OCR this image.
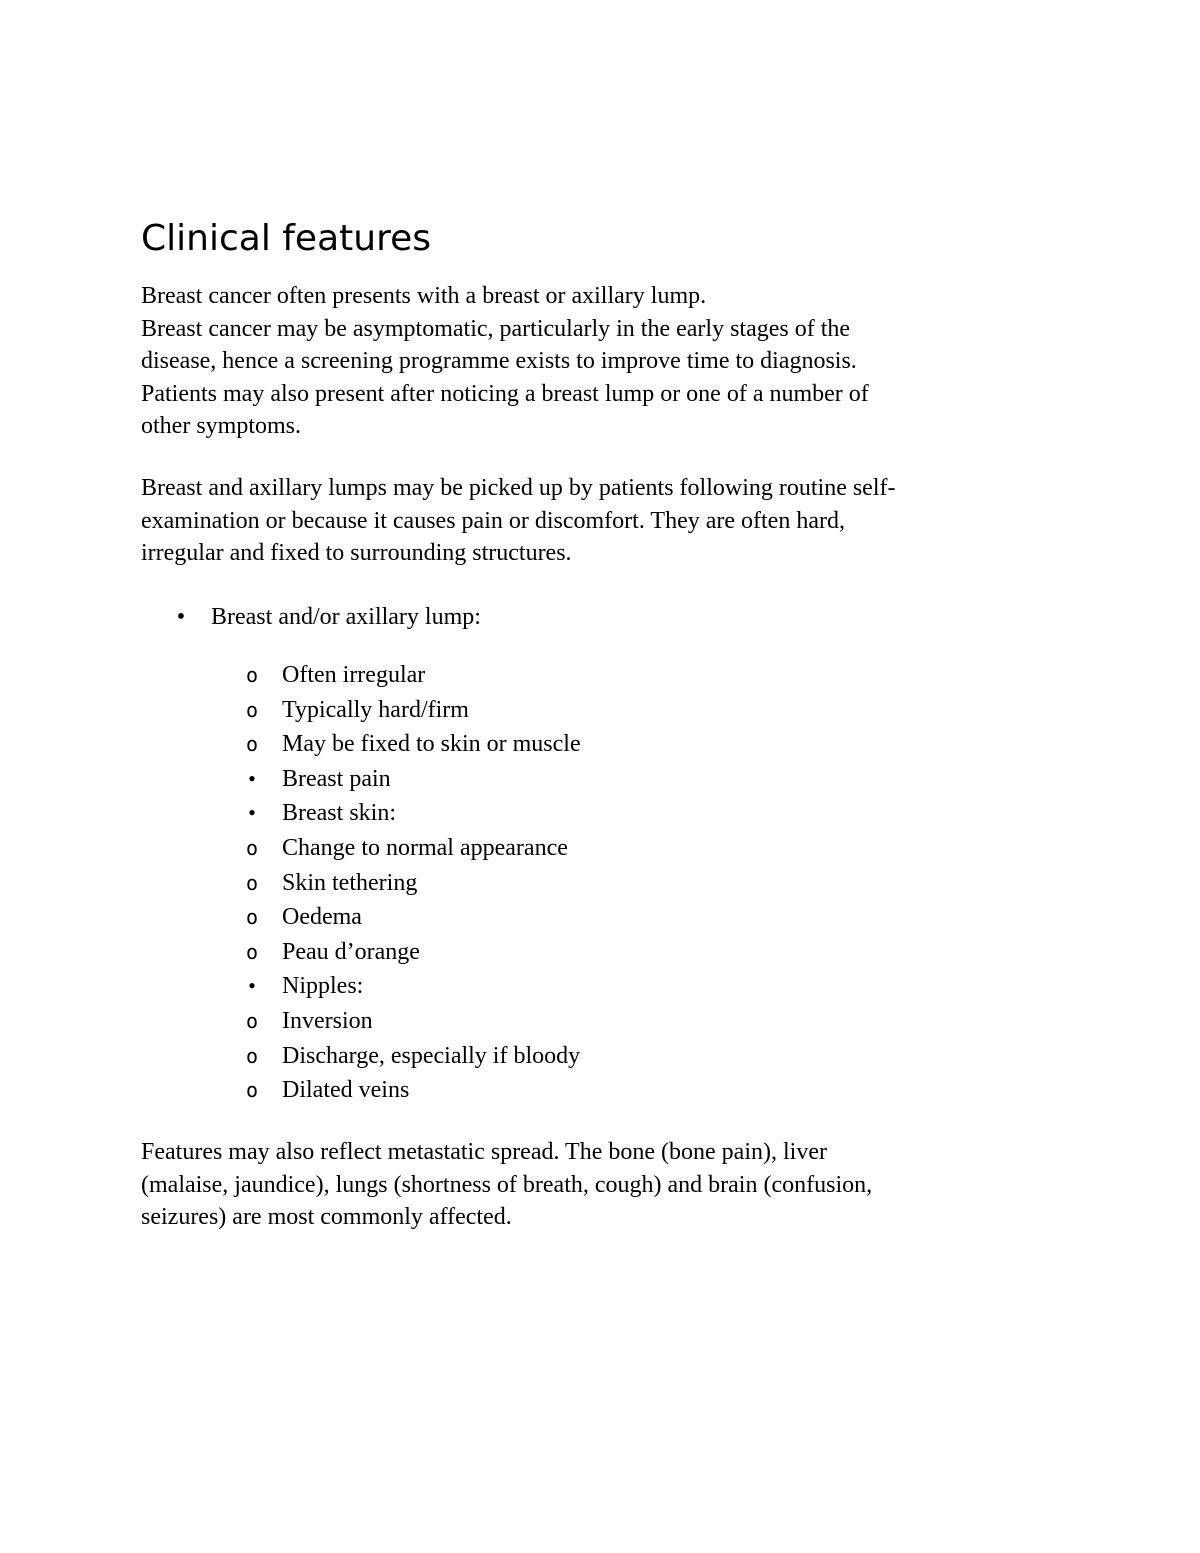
Clinical features

Breast cancer often presents with a breast or axillary lump.
Breast cancer may be asymptomatic, particularly in the early stages of the
disease, hence a screening programme exists to improve time to diagnosis.
Patients may also present after noticing a breast lump or one of a number of
other symptoms.

Breast and axillary lumps may be picked up by patients following routine self-
examination or because it causes pain or discomfort. They are often hard,
irregular and fixed to surrounding structures.

• Breast and/or axillary lump:
o Often irregular
o Typically hard/firm
o May be fixed to skin or muscle
• Breast pain
• Breast skin:
o Change to normal appearance
o Skin tethering
o Oedema
o Peau d’orange
• Nipples:
o Inversion
o Discharge, especially if bloody
o Dilated veins

Features may also reflect metastatic spread. The bone (bone pain), liver
(malaise, jaundice), lungs (shortness of breath, cough) and brain (confusion,
seizures) are most commonly affected.
